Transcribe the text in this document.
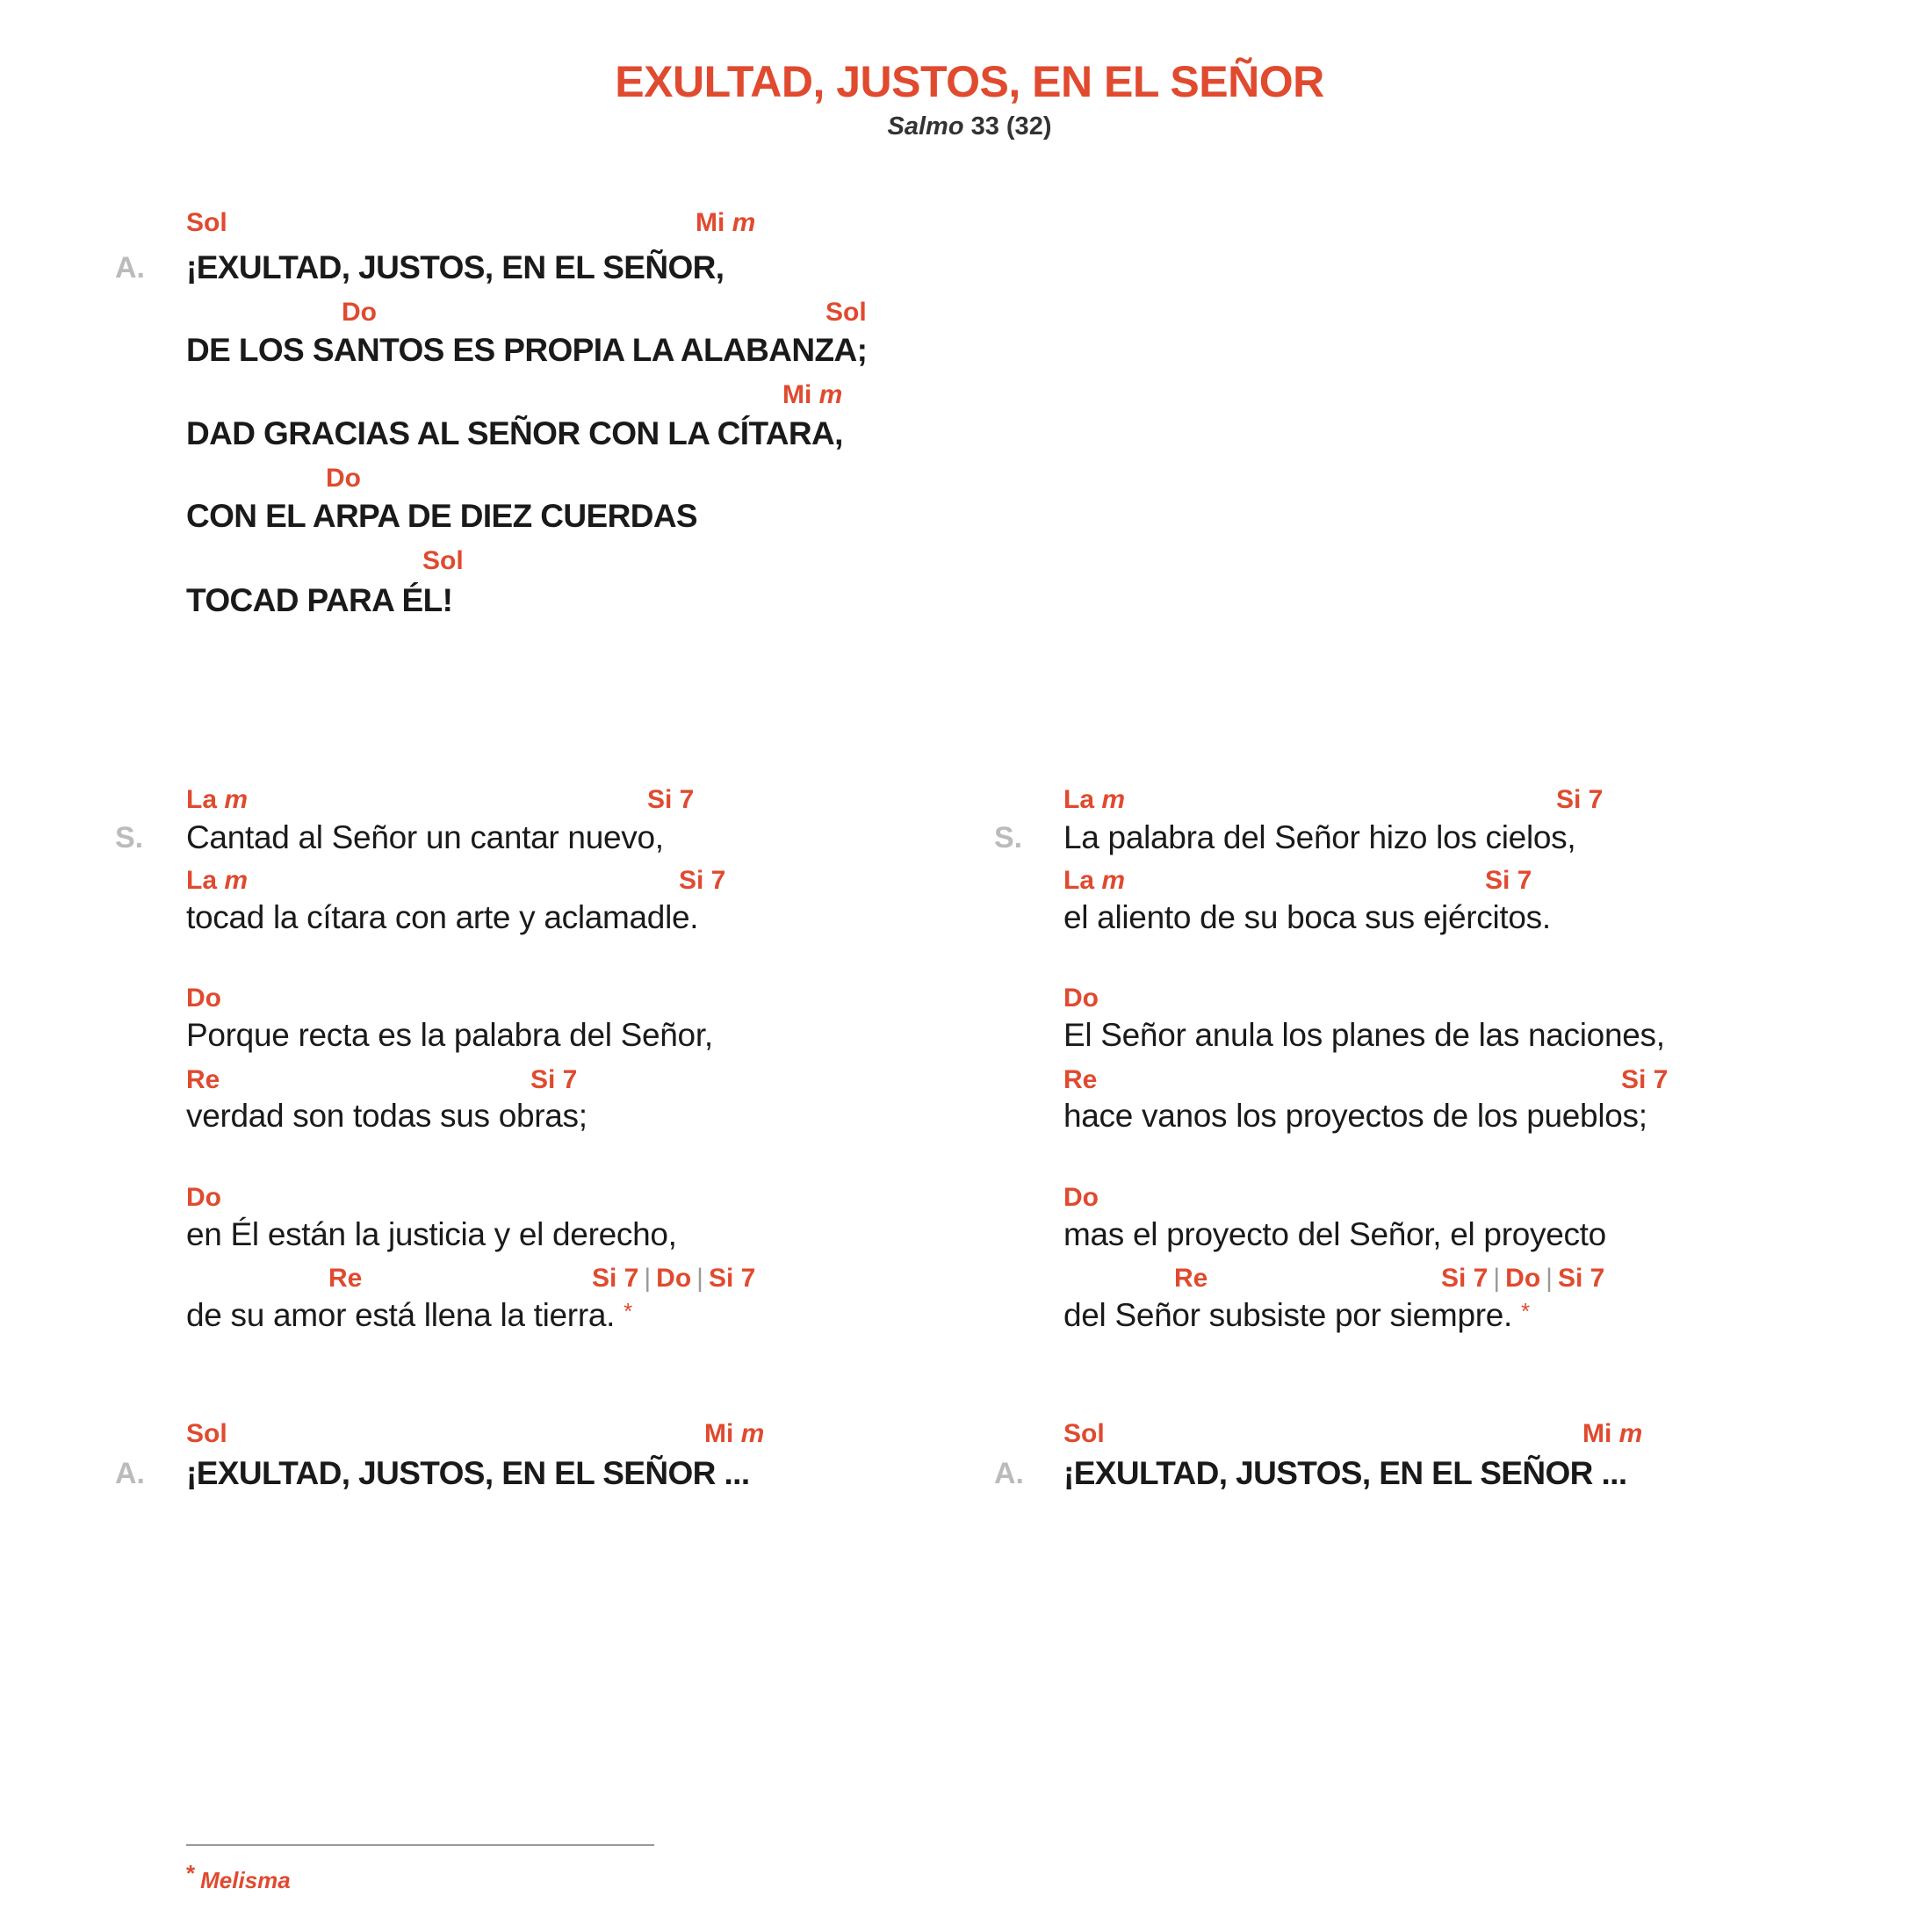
EXULTAD, JUSTOS, EN EL SEÑOR
Salmo 33 (32)
Sol	Mi m
A. ¡EXULTAD, JUSTOS, EN EL SEÑOR,
Do	Sol
DE LOS SANTOS ES PROPIA LA ALABANZA;
Mi m
DAD GRACIAS AL SEÑOR CON LA CÍTARA,
Do
CON EL ARPA DE DIEZ CUERDAS
Sol
TOCAD PARA ÉL!
La m	Si 7
S. Cantad al Señor un cantar nuevo,
La m	Si 7
tocad la cítara con arte y aclamadle.
Do
Porque recta es la palabra del Señor,
Re	Si 7
verdad son todas sus obras;
Do
en Él están la justicia y el derecho,
Re	Si 7 | Do | Si 7
de su amor está llena la tierra. *
La m	Si 7
S. La palabra del Señor hizo los cielos,
La m	Si 7
el aliento de su boca sus ejércitos.
Do
El Señor anula los planes de las naciones,
Re	Si 7
hace vanos los proyectos de los pueblos;
Do
mas el proyecto del Señor, el proyecto
Re	Si 7 | Do | Si 7
del Señor subsiste por siempre. *
Sol	Mi m
A. ¡EXULTAD, JUSTOS, EN EL SEÑOR ...
Sol	Mi m
A. ¡EXULTAD, JUSTOS, EN EL SEÑOR ...
* Melisma
